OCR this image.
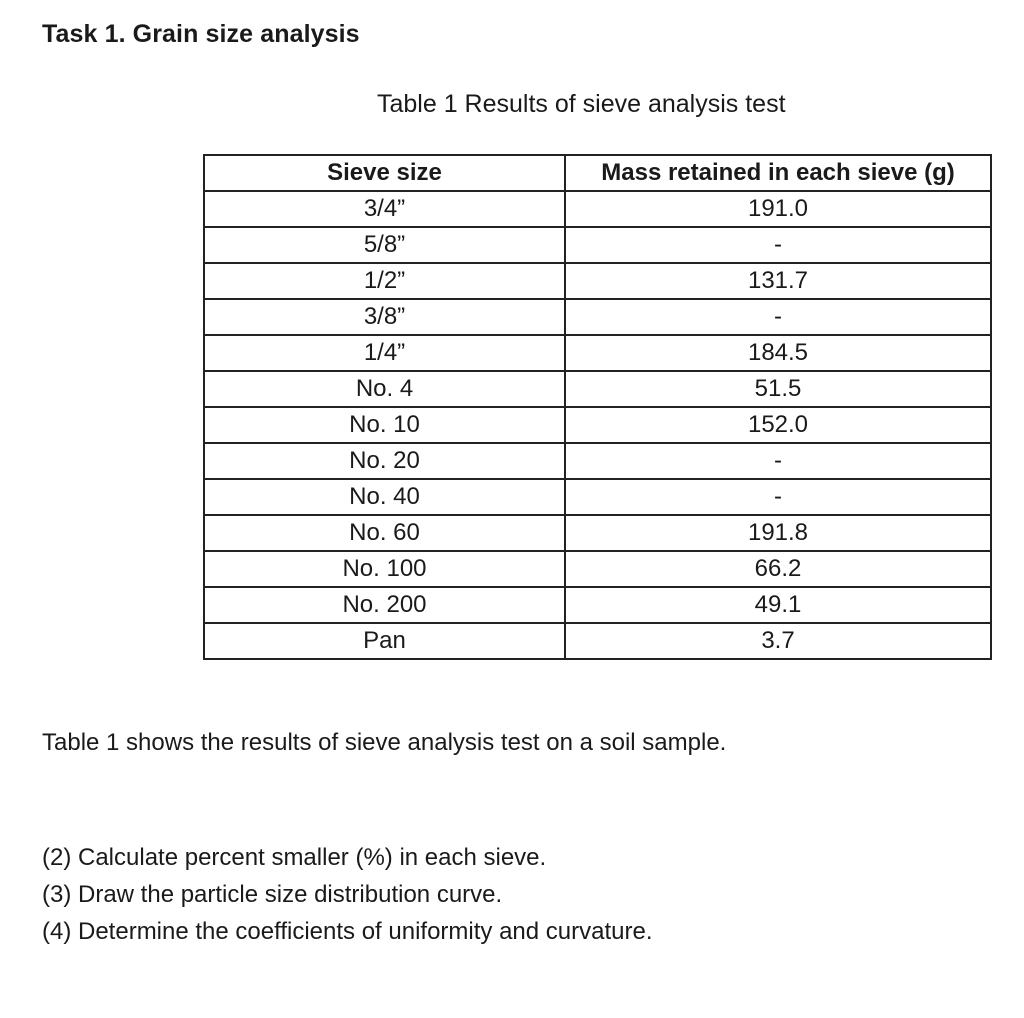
Task 1. Grain size analysis
Table 1 Results of sieve analysis test
Sieve size	Mass retained in each sieve (g)
3/4”	191.0
5/8”	-
1/2”	131.7
3/8”	-
1/4”	184.5
No. 4	51.5
No. 10	152.0
No. 20	-
No. 40	-
No. 60	191.8
No. 100	66.2
No. 200	49.1
Pan	3.7
Table 1 shows the results of sieve analysis test on a soil sample.
(2) Calculate percent smaller (%) in each sieve.
(3) Draw the particle size distribution curve.
(4) Determine the coefficients of uniformity and curvature.
